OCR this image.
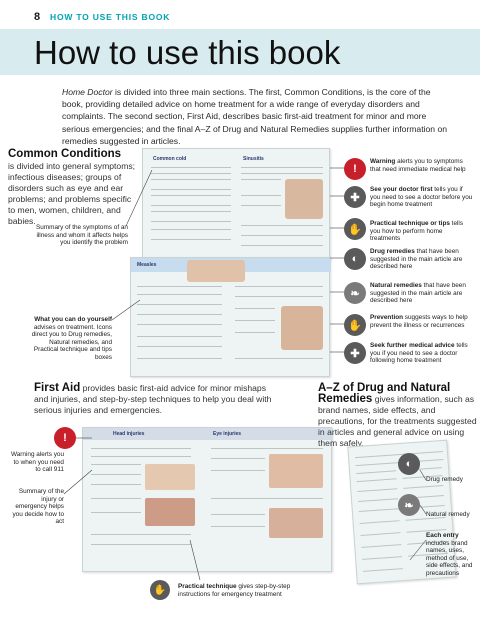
8 HOW TO USE THIS BOOK
How to use this book
Home Doctor is divided into three main sections. The first, Common Conditions, is the core of the book, providing detailed advice on home treatment for a wide range of everyday disorders and complaints. The second section, First Aid, describes basic first-aid treatment for minor and more serious emergencies; and the final A–Z of Drug and Natural Remedies supplies further information on remedies suggested in articles.
Common Conditions
is divided into general symptoms; infectious diseases; groups of disorders such as eye and ear problems; and problems specific to men, women, children, and babies.
Summary of the symptoms of an illness and whom it affects helps you identify the problem
What you can do yourself advises on treatment. Icons direct you to Drug remedies, Natural remedies, and Practical technique and tips boxes
Common cold	Sinusitis
Measles
!
Warning alerts you to symptoms that need immediate medical help
✚
See your doctor first tells you if you need to see a doctor before you begin home treatment
✋	Practical technique or tips tells you how to perform home treatments
◐
Drug remedies that have been suggested in the main article are described here
❧
Natural remedies that have been suggested in the main article are described here
✋
Prevention suggests ways to help prevent the illness or recurrences
✚
Seek further medical advice tells you if you need to see a doctor following home treatment
First Aid provides basic first-aid advice for minor mishaps and injuries, and step-by-step techniques to help you deal with serious injuries and emergencies.
!
Warning alerts you to when you need to call 911
Summary of the injury or emergency helps you decide how to act
Head injuries	Eye injuries
Practical technique gives step-by-step instructions for emergency treatment
✋
A–Z of Drug and Natural Remedies gives information, such as brand names, side effects, and precautions, for the treatments suggested in articles and general advice on using them safely.
◐
Drug remedy
❧
Natural remedy
Each entry includes brand names, uses, method of use, side effects, and precautions
